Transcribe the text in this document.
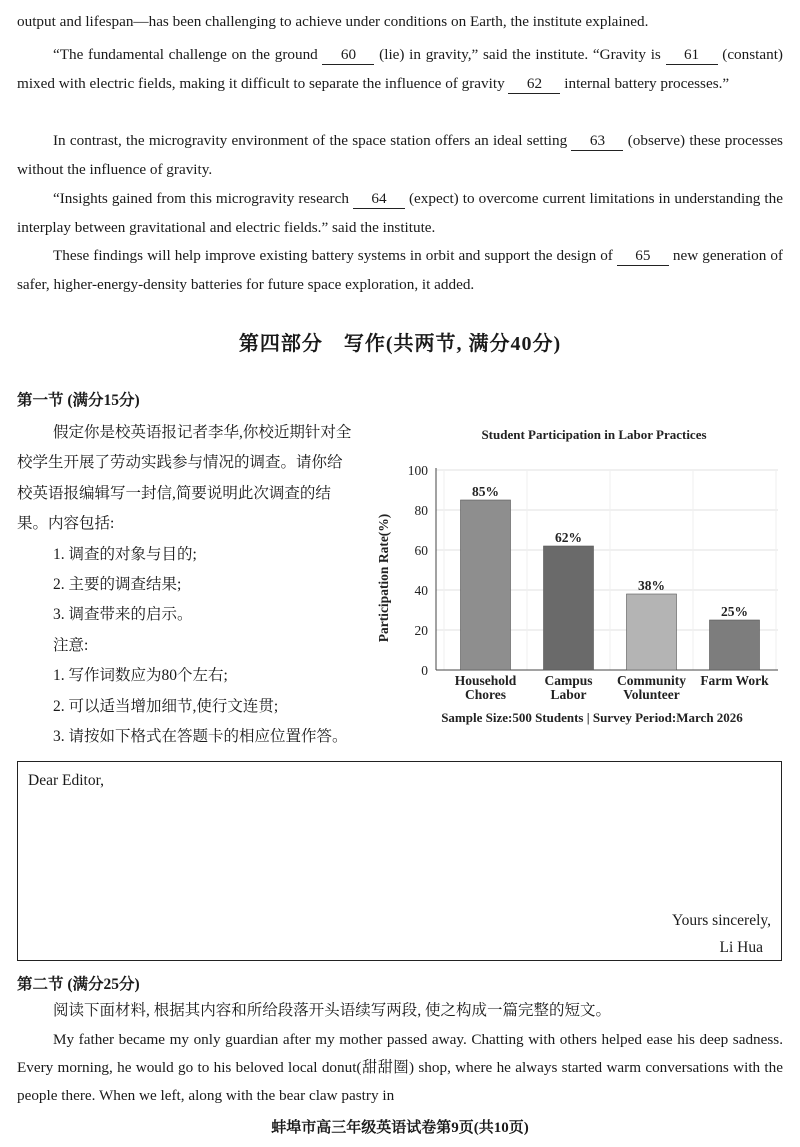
output and lifespan—has been challenging to achieve under conditions on Earth, the institute explained.

“The fundamental challenge on the ground 60 (lie) in gravity,” said the institute. “Gravity is 61 (constant) mixed with electric fields, making it difficult to separate the influence of gravity 62 internal battery processes.”

In contrast, the microgravity environment of the space station offers an ideal setting 63 (observe) these processes without the influence of gravity.

“Insights gained from this microgravity research 64 (expect) to overcome current limitations in understanding the interplay between gravitational and electric fields.” said the institute.

These findings will help improve existing battery systems in orbit and support the design of 65 new generation of safer, higher-energy-density batteries for future space exploration, it added.

第四部分　写作(共两节, 满分40分)
第一节 (满分15分)

假定你是校英语报记者李华,你校近期针对全校学生开展了劳动实践参与情况的调查。请你给校英语报编辑写一封信,简要说明此次调查的结果。内容包括:

1. 调查的对象与目的;

2. 主要的调查结果;

3. 调查带来的启示。

注意:

1. 写作词数应为80个左右;

2. 可以适当增加细节,使行文连贯;

3. 请按如下格式在答题卡的相应位置作答。

Student Participation in Labor Practices
Participation Rate(%)
0
20
40
60
80
100
85%
62%
38%
25%
Household
Chores
Campus
Labor
Community
Volunteer
Farm Work
Sample Size:500 Students | Survey Period:March 2026
Dear Editor,
Yours sincerely,
Li Hua
第二节 (满分25分)

阅读下面材料, 根据其内容和所给段落开头语续写两段, 使之构成一篇完整的短文。

My father became my only guardian after my mother passed away. Chatting with others helped ease his deep sadness. Every morning, he would go to his beloved local donut(甜甜圈) shop, where he always started warm conversations with the people there. When we left, along with the bear claw pastry in

蚌埠市高三年级英语试卷第9页(共10页)
